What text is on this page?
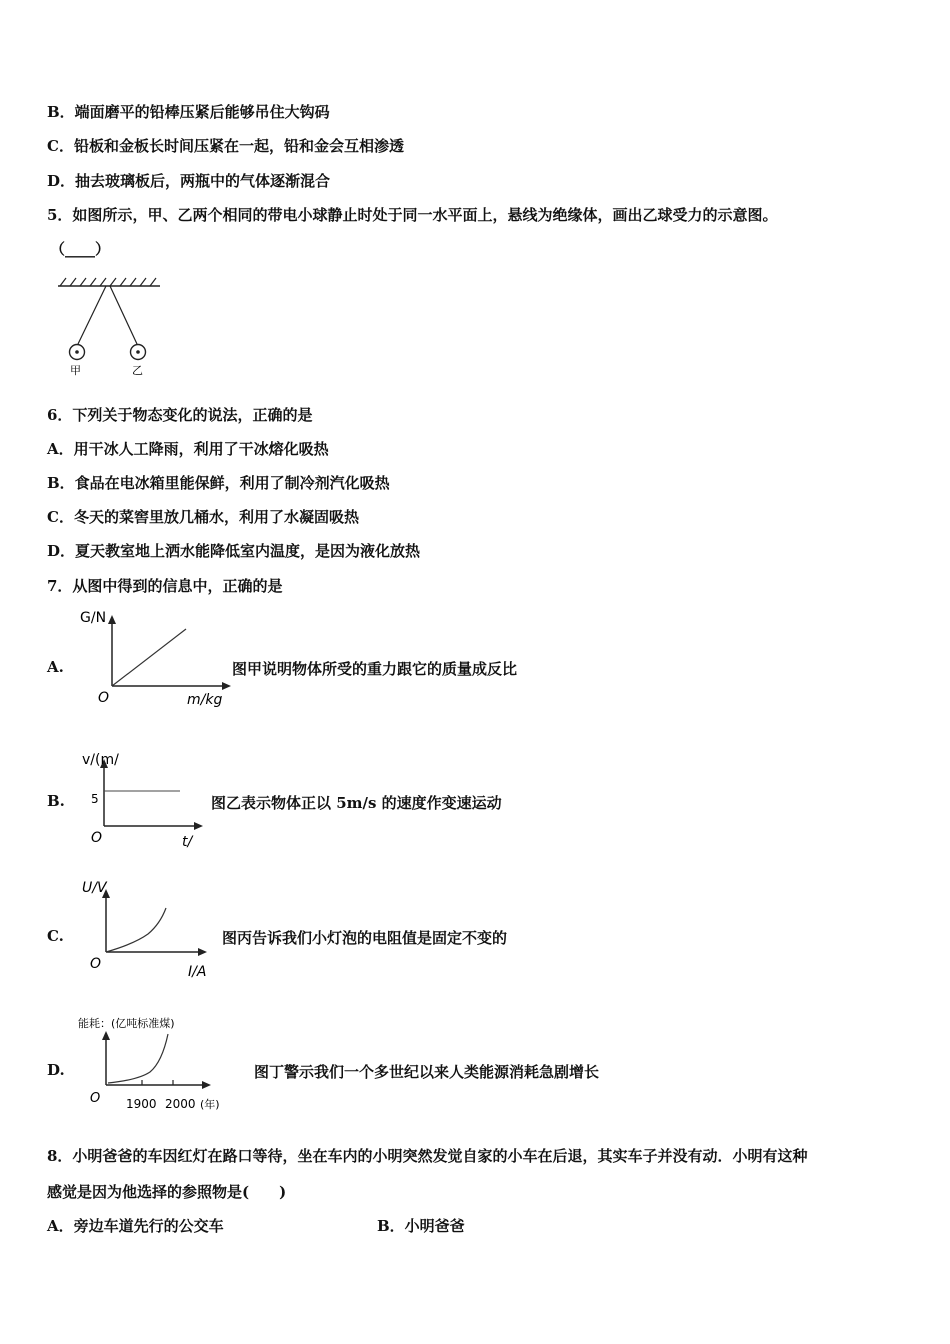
B．端面磨平的铅棒压紧后能够吊住大钩码
C．铅板和金板长时间压紧在一起，铅和金会互相渗透
D．抽去玻璃板后，两瓶中的气体逐渐混合
5．如图所示，甲、乙两个相同的带电小球静止时处于同一水平面上，悬线为绝缘体，画出乙球受力的示意图。
（____）
甲	乙
6．下列关于物态变化的说法，正确的是
A．用干冰人工降雨，利用了干冰熔化吸热
B．食品在电冰箱里能保鲜，利用了制冷剂汽化吸热
C．冬天的菜窖里放几桶水，利用了水凝固吸热
D．夏天教室地上洒水能降低室内温度，是因为液化放热
7．从图中得到的信息中，正确的是
A.
G/N
O	m/kg
图甲说明物体所受的重力跟它的质量成反比
B.
v/(m/
5
O	t/
图乙表示物体正以 5m/s 的速度作变速运动
C.
U/V
O	I/A
图丙告诉我们小灯泡的电阻值是固定不变的
D.
能耗：(亿吨标准煤)
O 1900 2000 (年)
图丁警示我们一个多世纪以来人类能源消耗急剧增长
8．小明爸爸的车因红灯在路口等待，坐在车内的小明突然发觉自家的小车在后退，其实车子并没有动．小明有这种
感觉是因为他选择的参照物是(　　)
A．旁边车道先行的公交车	B．小明爸爸
